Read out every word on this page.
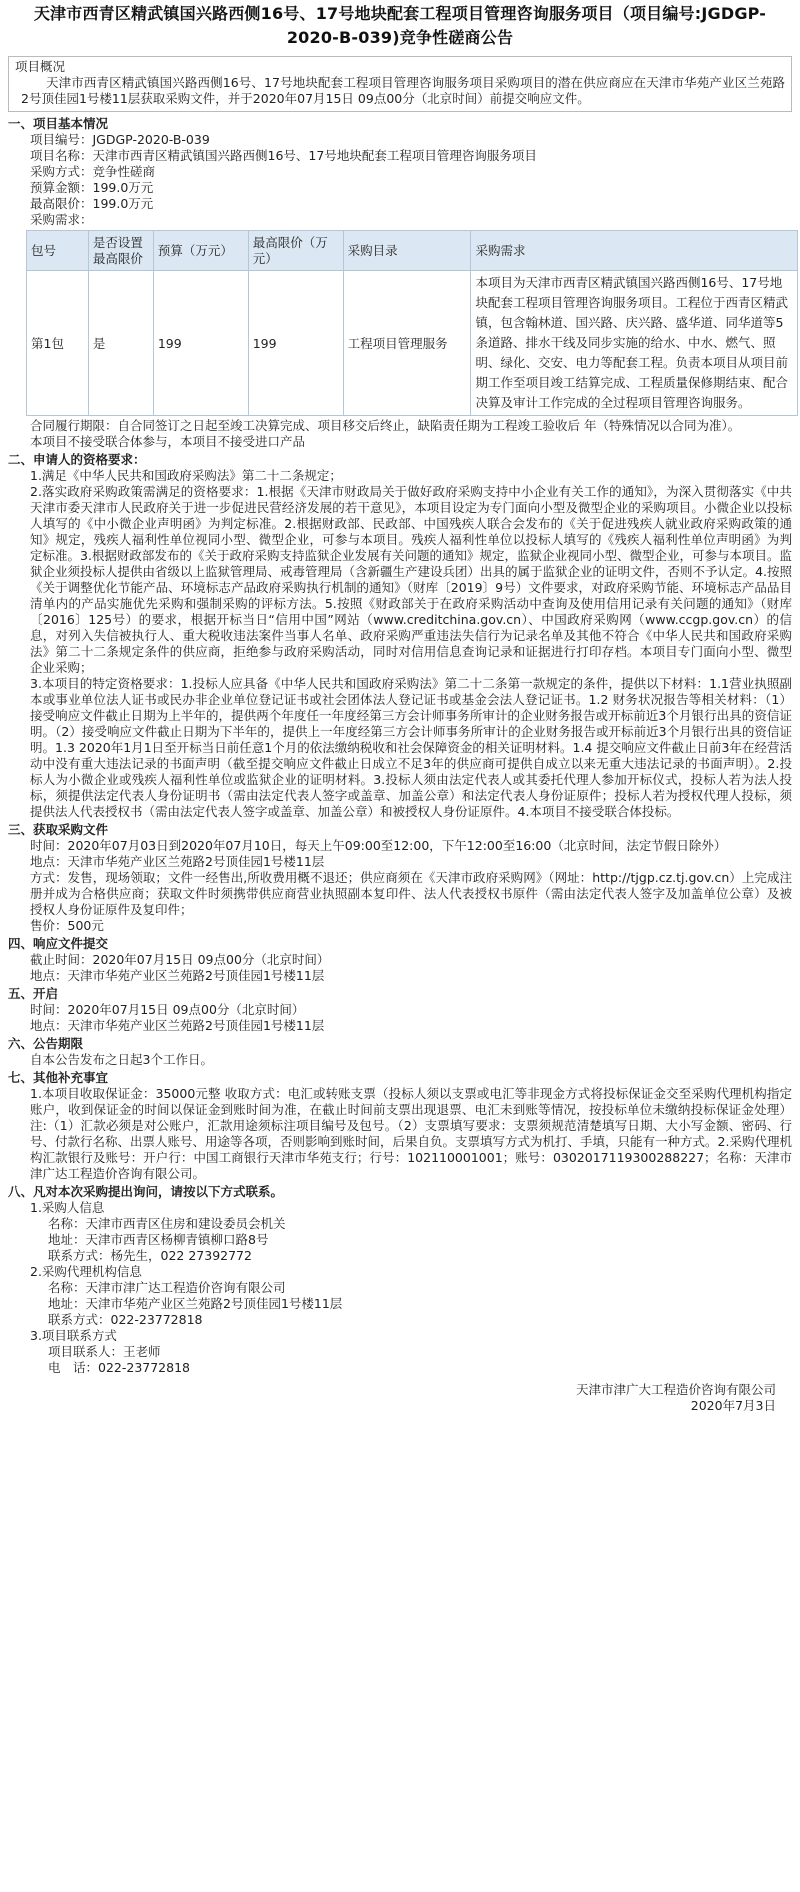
天津市西青区精武镇国兴路西侧16号、17号地块配套工程项目管理咨询服务项目（项目编号:JGDGP-2020-B-039)竞争性磋商公告
项目概况
天津市西青区精武镇国兴路西侧16号、17号地块配套工程项目管理咨询服务项目采购项目的潜在供应商应在天津市华苑产业区兰苑路2号顶佳园1号楼11层获取采购文件，并于2020年07月15日 09点00分（北京时间）前提交响应文件。
一、项目基本情况
项目编号：JGDGP-2020-B-039
项目名称：天津市西青区精武镇国兴路西侧16号、17号地块配套工程项目管理咨询服务项目
采购方式：竞争性磋商
预算金额：199.0万元
最高限价：199.0万元
采购需求：
包号	是否设置最高限价	预算（万元）	最高限价（万元）	采购目录	采购需求
第1包	是	199	199	工程项目管理服务	本项目为天津市西青区精武镇国兴路西侧16号、17号地块配套工程项目管理咨询服务项目。工程位于西青区精武镇，包含翰林道、国兴路、庆兴路、盛华道、同华道等5条道路、排水干线及同步实施的给水、中水、燃气、照明、绿化、交安、电力等配套工程。负责本项目从项目前期工作至项目竣工结算完成、工程质量保修期结束、配合决算及审计工作完成的全过程项目管理咨询服务。
合同履行期限：自合同签订之日起至竣工决算完成、项目移交后终止，缺陷责任期为工程竣工验收后 年（特殊情况以合同为准）。
本项目不接受联合体参与，本项目不接受进口产品
二、申请人的资格要求：
1.满足《中华人民共和国政府采购法》第二十二条规定；
2.落实政府采购政策需满足的资格要求：1.根据《天津市财政局关于做好政府采购支持中小企业有关工作的通知》，为深入贯彻落实《中共天津市委天津市人民政府关于进一步促进民营经济发展的若干意见》，本项目设定为专门面向小型及微型企业的采购项目。小微企业以投标人填写的《中小微企业声明函》为判定标准。2.根据财政部、民政部、中国残疾人联合会发布的《关于促进残疾人就业政府采购政策的通知》规定，残疾人福利性单位视同小型、微型企业，可参与本项目。残疾人福利性单位以投标人填写的《残疾人福利性单位声明函》为判定标准。3.根据财政部发布的《关于政府采购支持监狱企业发展有关问题的通知》规定，监狱企业视同小型、微型企业，可参与本项目。监狱企业须投标人提供由省级以上监狱管理局、戒毒管理局（含新疆生产建设兵团）出具的属于监狱企业的证明文件，否则不予认定。4.按照《关于调整优化节能产品、环境标志产品政府采购执行机制的通知》（财库〔2019〕9号）文件要求，对政府采购节能、环境标志产品品目清单内的产品实施优先采购和强制采购的评标方法。5.按照《财政部关于在政府采购活动中查询及使用信用记录有关问题的通知》（财库〔2016〕125号）的要求，根据开标当日“信用中国”网站（www.creditchina.gov.cn）、中国政府采购网（www.ccgp.gov.cn）的信息，对列入失信被执行人、重大税收违法案件当事人名单、政府采购严重违法失信行为记录名单及其他不符合《中华人民共和国政府采购法》第二十二条规定条件的供应商，拒绝参与政府采购活动，同时对信用信息查询记录和证据进行打印存档。本项目专门面向小型、微型企业采购；
3.本项目的特定资格要求：1.投标人应具备《中华人民共和国政府采购法》第二十二条第一款规定的条件，提供以下材料：1.1营业执照副本或事业单位法人证书或民办非企业单位登记证书或社会团体法人登记证书或基金会法人登记证书。1.2 财务状况报告等相关材料：（1）接受响应文件截止日期为上半年的，提供两个年度任一年度经第三方会计师事务所审计的企业财务报告或开标前近3个月银行出具的资信证明。（2）接受响应文件截止日期为下半年的，提供上一年度经第三方会计师事务所审计的企业财务报告或开标前近3个月银行出具的资信证明。1.3 2020年1月1日至开标当日前任意1个月的依法缴纳税收和社会保障资金的相关证明材料。1.4 提交响应文件截止日前3年在经营活动中没有重大违法记录的书面声明（截至提交响应文件截止日成立不足3年的供应商可提供自成立以来无重大违法记录的书面声明）。2.投标人为小微企业或残疾人福利性单位或监狱企业的证明材料。3.投标人须由法定代表人或其委托代理人参加开标仪式，投标人若为法人投标，须提供法定代表人身份证明书（需由法定代表人签字或盖章、加盖公章）和法定代表人身份证原件；投标人若为授权代理人投标，须提供法人代表授权书（需由法定代表人签字或盖章、加盖公章）和被授权人身份证原件。4.本项目不接受联合体投标。
三、获取采购文件
时间：2020年07月03日到2020年07月10日，每天上午09:00至12:00，下午12:00至16:00（北京时间，法定节假日除外）
地点：天津市华苑产业区兰苑路2号顶佳园1号楼11层
方式：发售，现场领取；文件一经售出,所收费用概不退还；供应商须在《天津市政府采购网》（网址：http://tjgp.cz.tj.gov.cn）上完成注册并成为合格供应商；获取文件时须携带供应商营业执照副本复印件、法人代表授权书原件（需由法定代表人签字及加盖单位公章）及被授权人身份证原件及复印件；
售价：500元
四、响应文件提交
截止时间：2020年07月15日 09点00分（北京时间）
地点：天津市华苑产业区兰苑路2号顶佳园1号楼11层
五、开启
时间：2020年07月15日 09点00分（北京时间）
地点：天津市华苑产业区兰苑路2号顶佳园1号楼11层
六、公告期限
自本公告发布之日起3个工作日。
七、其他补充事宜
1.本项目收取保证金：35000元整 收取方式：电汇或转账支票（投标人须以支票或电汇等非现金方式将投标保证金交至采购代理机构指定账户，收到保证金的时间以保证金到账时间为准，在截止时间前支票出现退票、电汇未到账等情况，按投标单位未缴纳投标保证金处理）注:（1）汇款必须是对公账户，汇款用途须标注项目编号及包号。（2）支票填写要求：支票须规范清楚填写日期、大小写金额、密码、行号、付款行名称、出票人账号、用途等各项，否则影响到账时间，后果自负。支票填写方式为机打、手填，只能有一种方式。2.采购代理机构汇款银行及账号：开户行：中国工商银行天津市华苑支行；行号：102110001001；账号：0302017119300288227；名称：天津市津广达工程造价咨询有限公司。
八、凡对本次采购提出询问，请按以下方式联系。
1.采购人信息
名称：天津市西青区住房和建设委员会机关
地址：天津市西青区杨柳青镇柳口路8号
联系方式：杨先生，022 27392772
2.采购代理机构信息
名称：天津市津广达工程造价咨询有限公司
地址：天津市华苑产业区兰苑路2号顶佳园1号楼11层
联系方式：022-23772818
3.项目联系方式
项目联系人：王老师
电　话：022-23772818
天津市津广大工程造价咨询有限公司
2020年7月3日
